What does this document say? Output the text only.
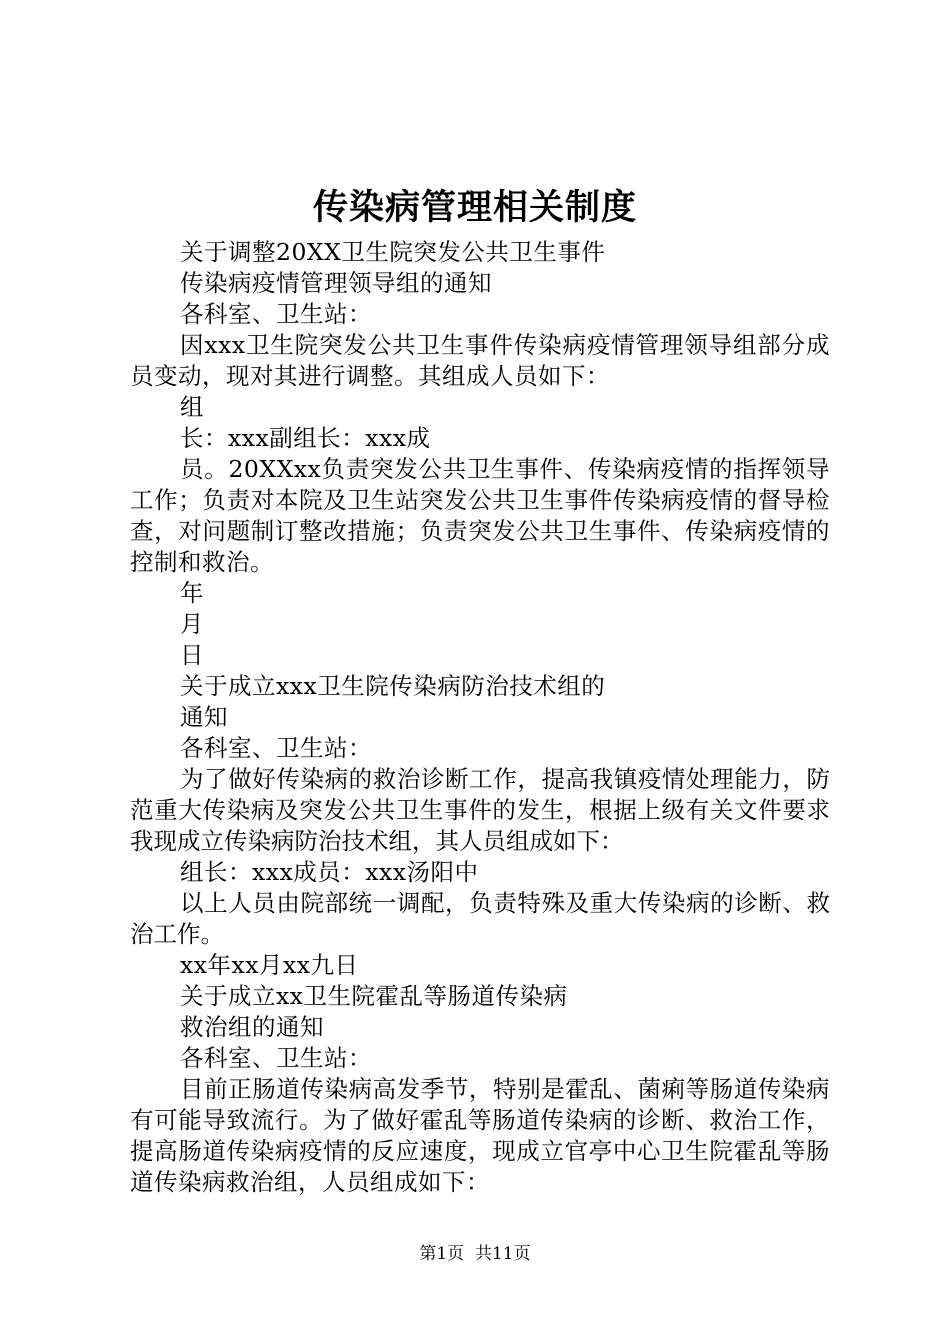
传染病管理相关制度

关于调整20XX卫生院突发公共卫生事件

传染病疫情管理领导组的通知

各科室、卫生站：

因xxx卫生院突发公共卫生事件传染病疫情管理领导组部分成员变动，现对其进行调整。其组成人员如下：

组

长：xxx副组长：xxx成

员。20XXxx负责突发公共卫生事件、传染病疫情的指挥领导工作；负责对本院及卫生站突发公共卫生事件传染病疫情的督导检查，对问题制订整改措施；负责突发公共卫生事件、传染病疫情的控制和救治。

年

月

日

关于成立xxx卫生院传染病防治技术组的

通知

各科室、卫生站：

为了做好传染病的救治诊断工作，提高我镇疫情处理能力，防范重大传染病及突发公共卫生事件的发生，根据上级有关文件要求我现成立传染病防治技术组，其人员组成如下：

组长：xxx成员：xxx汤阳中

以上人员由院部统一调配，负责特殊及重大传染病的诊断、救治工作。

xx年xx月xx九日

关于成立xx卫生院霍乱等肠道传染病

救治组的通知

各科室、卫生站：

目前正肠道传染病高发季节，特别是霍乱、菌痢等肠道传染病有可能导致流行。为了做好霍乱等肠道传染病的诊断、救治工作，提高肠道传染病疫情的反应速度，现成立官亭中心卫生院霍乱等肠道传染病救治组，人员组成如下：

第1页  共11页
